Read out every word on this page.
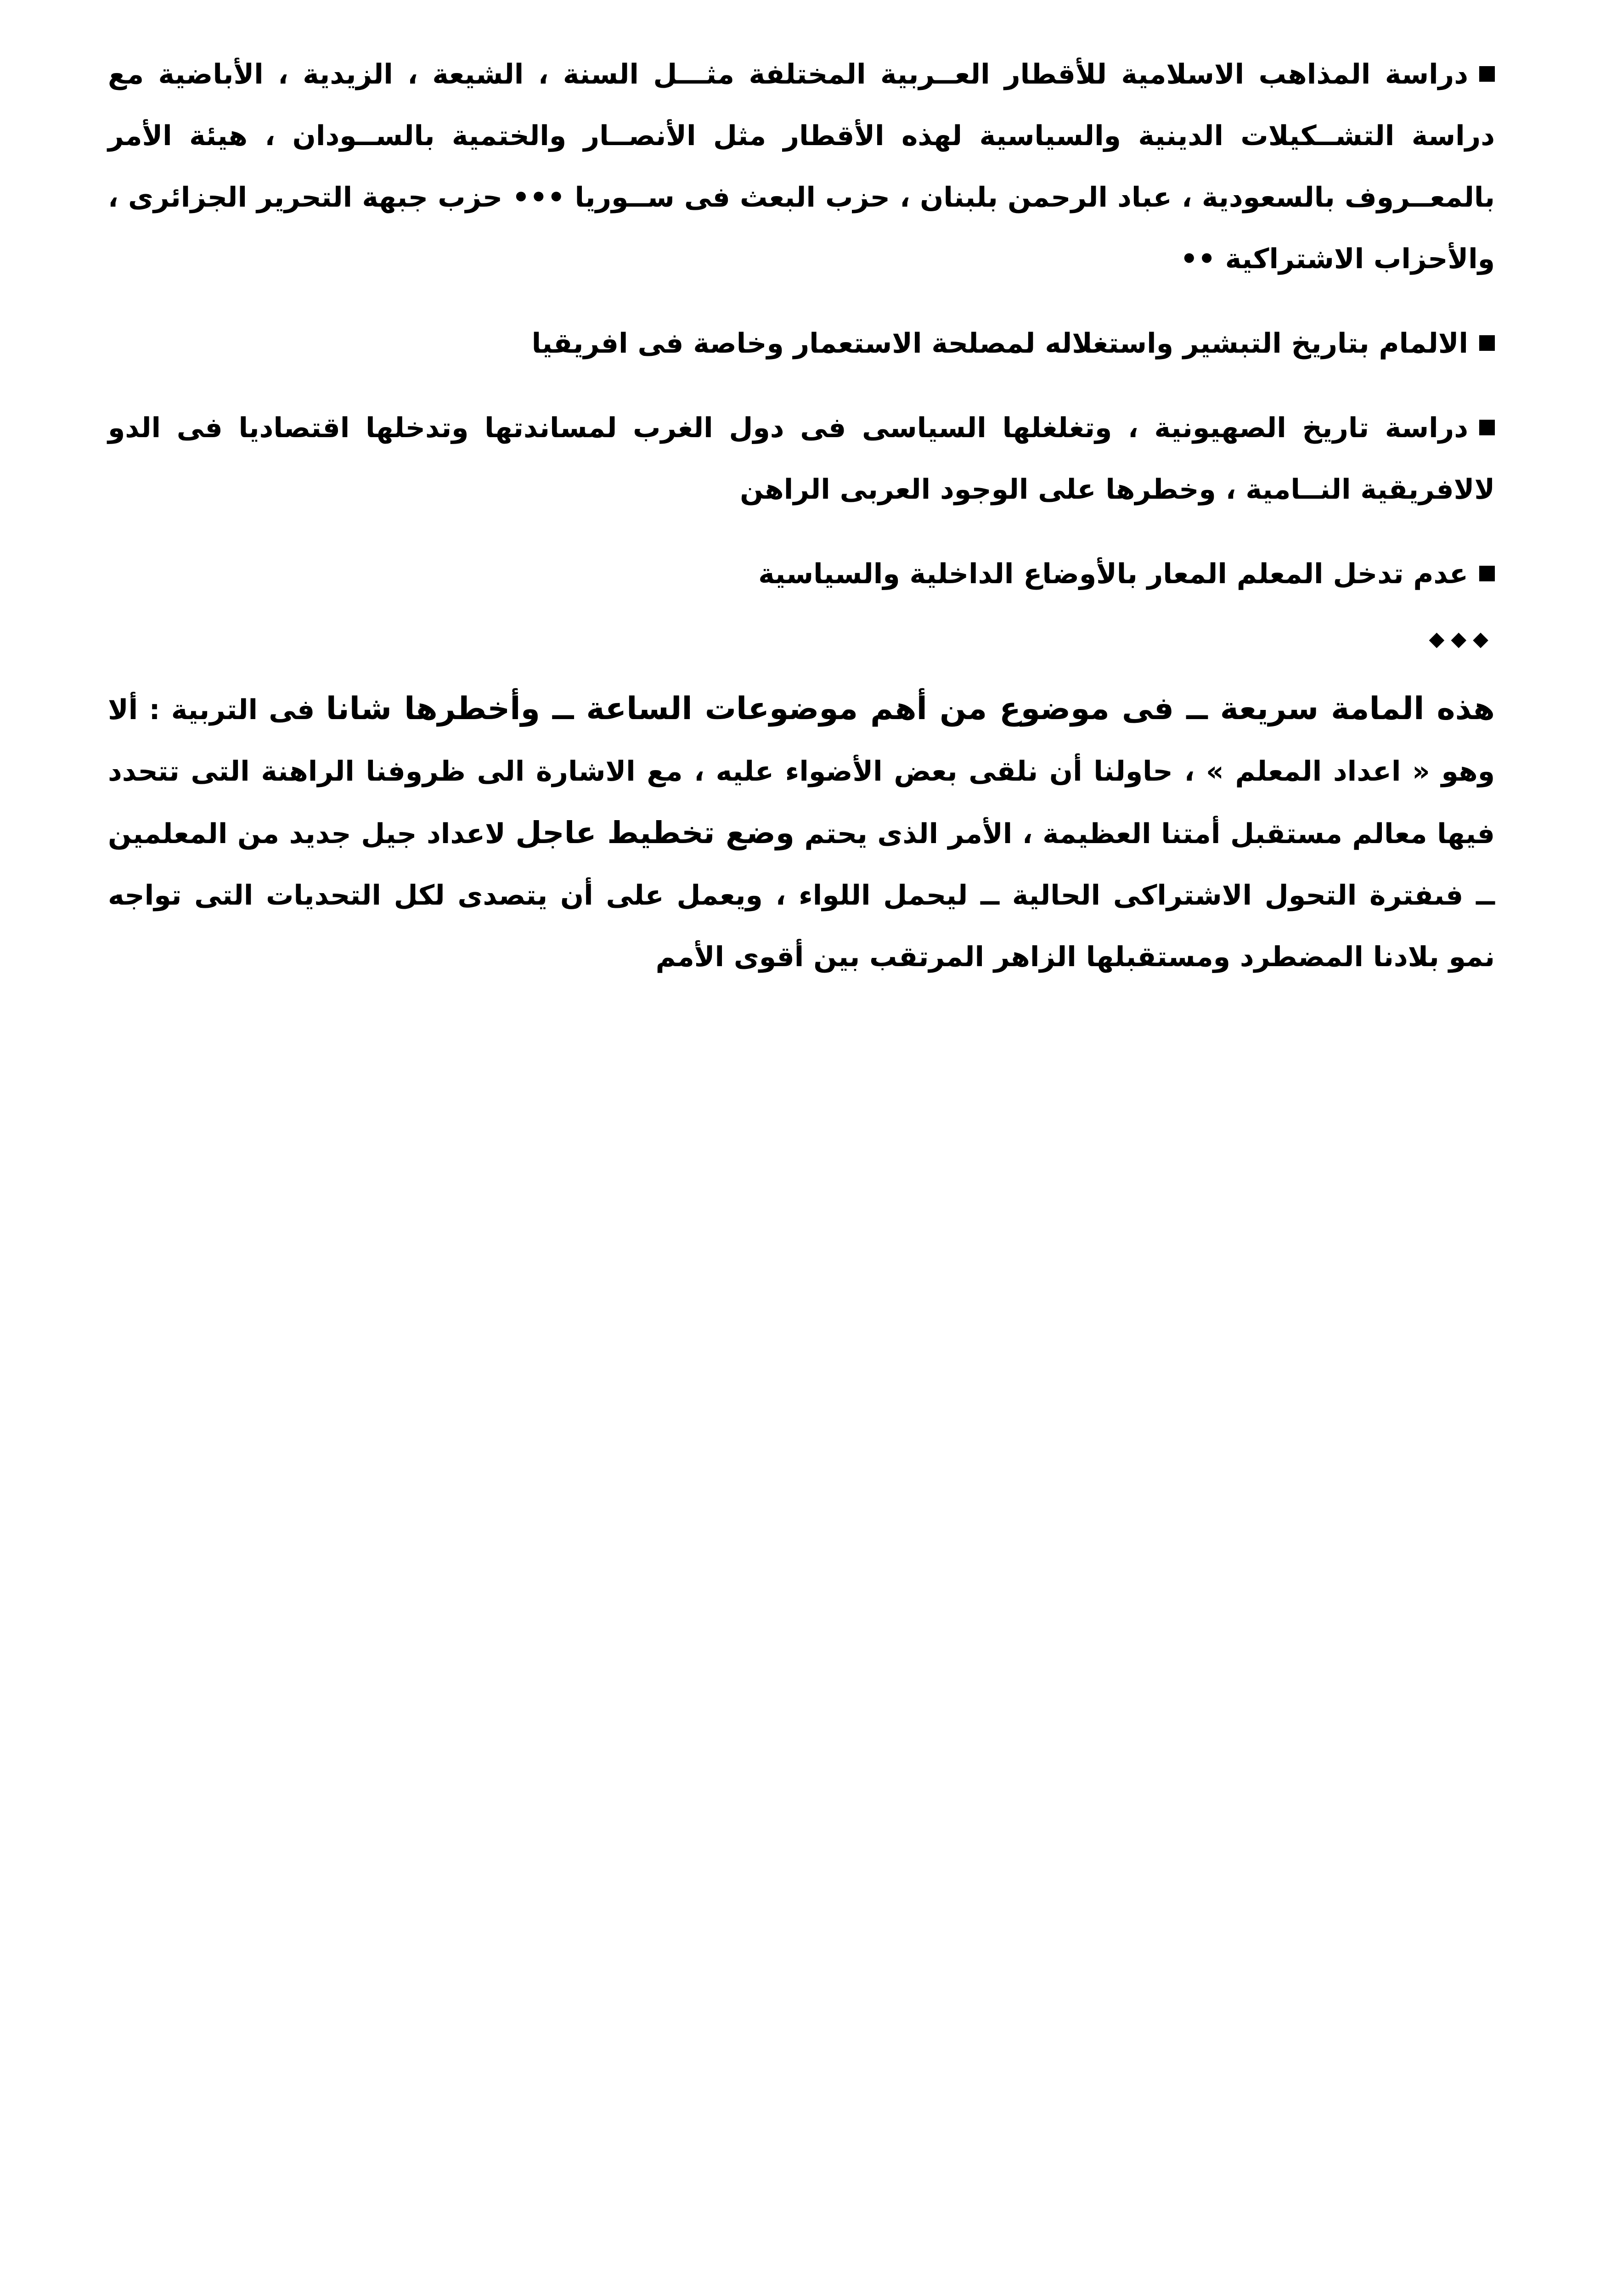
دراسة المذاهب الاسلامية للأقطار العــربية المختلفة مثـــل السنة ، الشيعة ، الزيدية ، الأباضية مع دراسة التشــكيلات الدينية والسياسية لهذه الأقطار مثل الأنصــار والختمية بالســودان ، هيئة الأمر بالمعــروف بالسعودية ، عباد الرحمن بلبنان ، حزب البعث فى ســوريا ••• حزب جبهة التحرير الجزائرى ، والأحزاب الاشتراكية ••

الالمام بتاريخ التبشير واستغلاله لمصلحة الاستعمار وخاصة فى افريقيا

دراسة تاريخ الصهيونية ، وتغلغلها السياسى فى دول الغرب لمساندتها وتدخلها اقتصاديا فى الدو لالافريقية النــامية ، وخطرها على الوجود العربى الراهن

عدم تدخل المعلم المعار بالأوضاع الداخلية والسياسية

◆◆◆

هذه المامة سريعة ــ فى موضوع من أهم موضوعات الساعة ــ وأخطرها شانا فى التربية : ألا وهو « اعداد المعلم » ، حاولنا أن نلقى بعض الأضواء عليه ، مع الاشارة الى ظروفنا الراهنة التى تتحدد فيها معالم مستقبل أمتنا العظيمة ، الأمر الذى يحتم وضع تخطيط عاجل لاعداد جيل جديد من المعلمين ــ فىفترة التحول الاشتراكى الحالية ــ ليحمل اللواء ، ويعمل على أن يتصدى لكل التحديات التى تواجه نمو بلادنا المضطرد ومستقبلها الزاهر المرتقب بين أقوى الأمم
